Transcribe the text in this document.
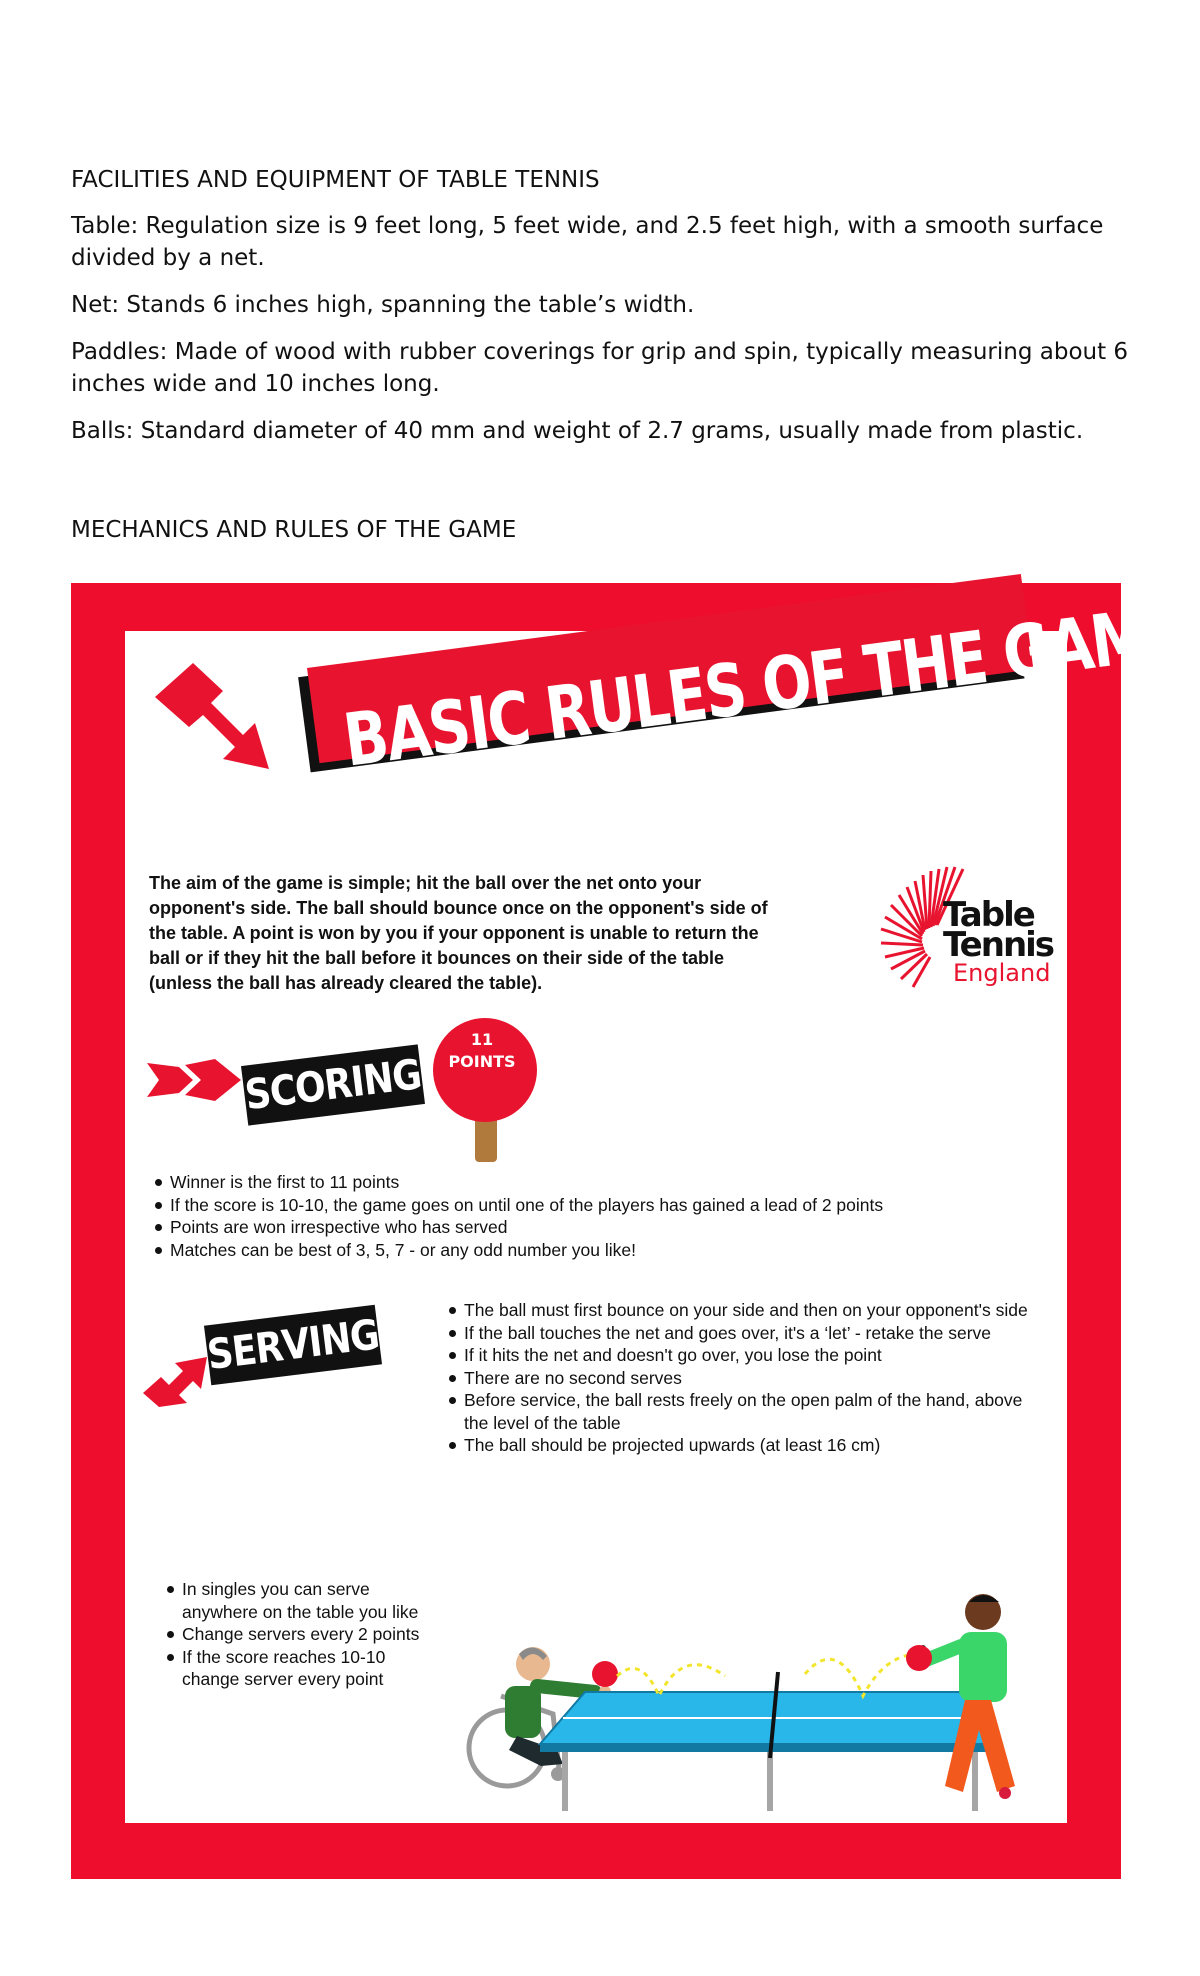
FACILITIES AND EQUIPMENT OF TABLE TENNIS

Table: Regulation size is 9 feet long, 5 feet wide, and 2.5 feet high, with a smooth surface divided by a net.

Net: Stands 6 inches high, spanning the table’s width.

Paddles: Made of wood with rubber coverings for grip and spin, typically measuring about 6 inches wide and 10 inches long.

Balls: Standard diameter of 40 mm and weight of 2.7 grams, usually made from plastic.

MECHANICS AND RULES OF THE GAME

BASIC RULES OF THE GAME
The aim of the game is simple; hit the ball over the net onto your opponent's side. The ball should bounce once on the opponent's side of the table. A point is won by you if your opponent is unable to return the ball or if they hit the ball before it bounces on their side of the table (unless the ball has already cleared the table).
Table
Tennis
England
SCORING
11
POINTS
Winner is the first to 11 points
If the score is 10-10, the game goes on until one of the players has gained a lead of 2 points
Points are won irrespective who has served
Matches can be best of 3, 5, 7 - or any odd number you like!
SERVING
The ball must first bounce on your side and then on your opponent's side
If the ball touches the net and goes over, it's a ‘let’ - retake the serve
If it hits the net and doesn't go over, you lose the point
There are no second serves
Before service, the ball rests freely on the open palm of the hand, above the level of the table
The ball should be projected upwards (at least 16 cm)
In singles you can serve anywhere on the table you like
Change servers every 2 points
If the score reaches 10-10 change server every point
